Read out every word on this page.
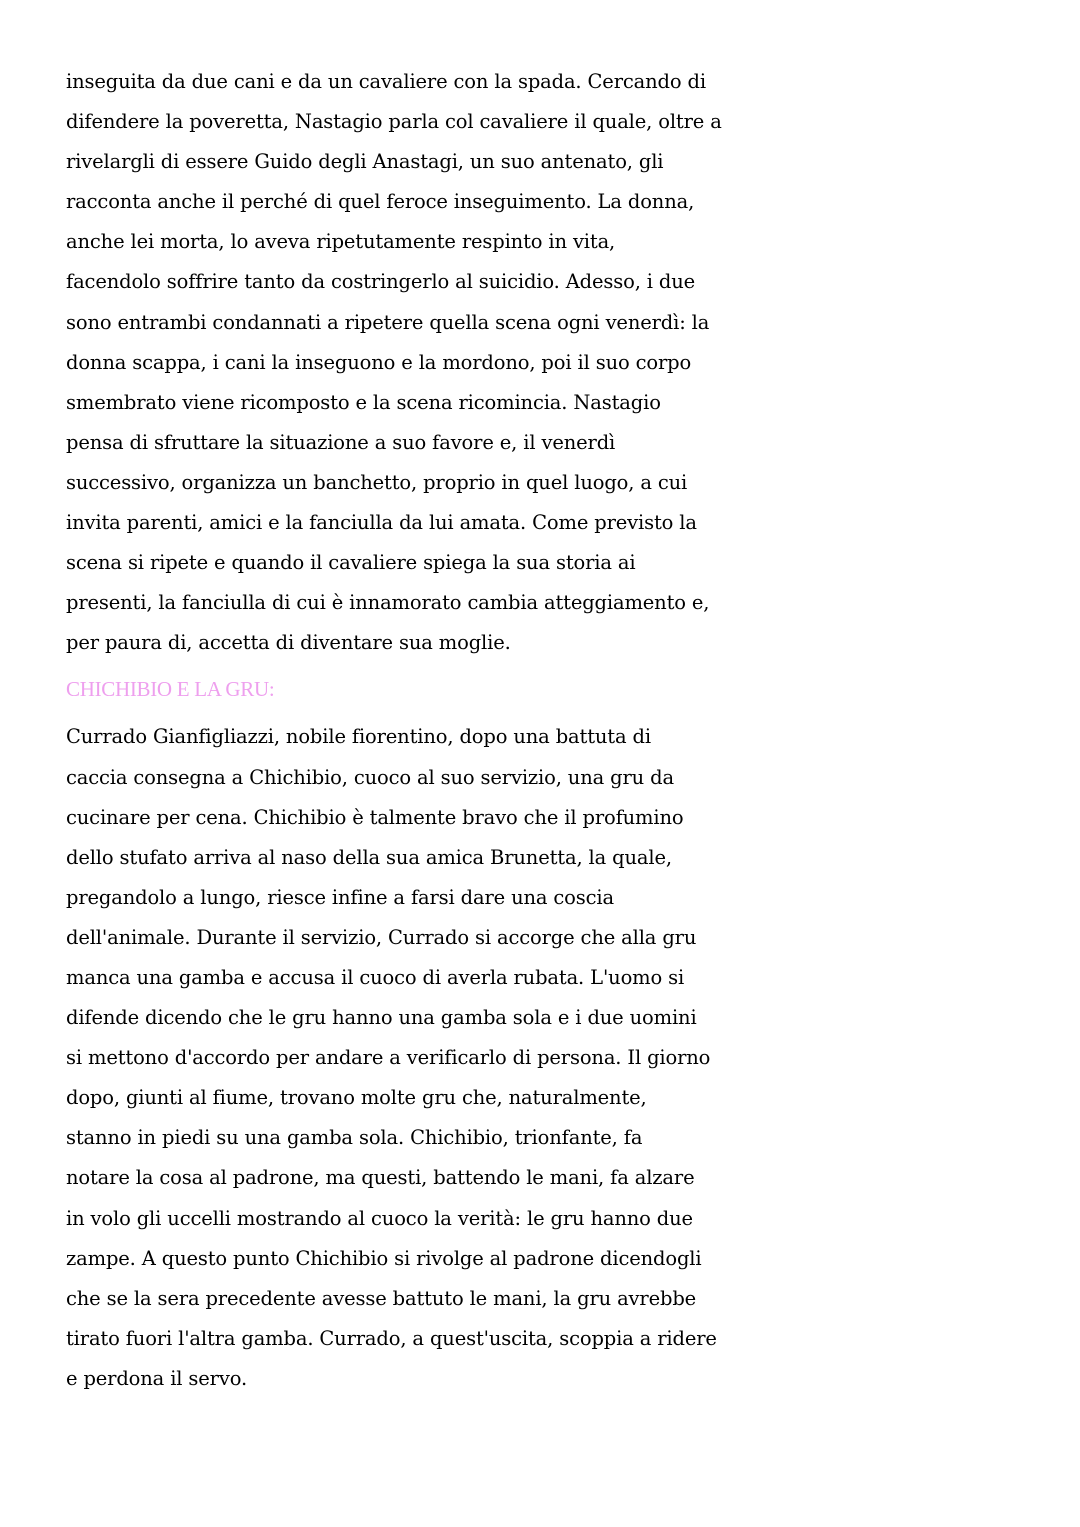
inseguita da due cani e da un cavaliere con la spada. Cercando di
difendere la poveretta, Nastagio parla col cavaliere il quale, oltre a
rivelargli di essere Guido degli Anastagi, un suo antenato, gli
racconta anche il perché di quel feroce inseguimento. La donna,
anche lei morta, lo aveva ripetutamente respinto in vita,
facendolo soffrire tanto da costringerlo al suicidio. Adesso, i due
sono entrambi condannati a ripetere quella scena ogni venerdì: la
donna scappa, i cani la inseguono e la mordono, poi il suo corpo
smembrato viene ricomposto e la scena ricomincia. Nastagio
pensa di sfruttare la situazione a suo favore e, il venerdì
successivo, organizza un banchetto, proprio in quel luogo, a cui
invita parenti, amici e la fanciulla da lui amata. Come previsto la
scena si ripete e quando il cavaliere spiega la sua storia ai
presenti, la fanciulla di cui è innamorato cambia atteggiamento e,
per paura di, accetta di diventare sua moglie.
CHICHIBIO E LA GRU:
Currado Gianfigliazzi, nobile fiorentino, dopo una battuta di
caccia consegna a Chichibio, cuoco al suo servizio, una gru da
cucinare per cena. Chichibio è talmente bravo che il profumino
dello stufato arriva al naso della sua amica Brunetta, la quale,
pregandolo a lungo, riesce infine a farsi dare una coscia
dell'animale. Durante il servizio, Currado si accorge che alla gru
manca una gamba e accusa il cuoco di averla rubata. L'uomo si
difende dicendo che le gru hanno una gamba sola e i due uomini
si mettono d'accordo per andare a verificarlo di persona. Il giorno
dopo, giunti al fiume, trovano molte gru che, naturalmente,
stanno in piedi su una gamba sola. Chichibio, trionfante, fa
notare la cosa al padrone, ma questi, battendo le mani, fa alzare
in volo gli uccelli mostrando al cuoco la verità: le gru hanno due
zampe. A questo punto Chichibio si rivolge al padrone dicendogli
che se la sera precedente avesse battuto le mani, la gru avrebbe
tirato fuori l'altra gamba. Currado, a quest'uscita, scoppia a ridere
e perdona il servo.
